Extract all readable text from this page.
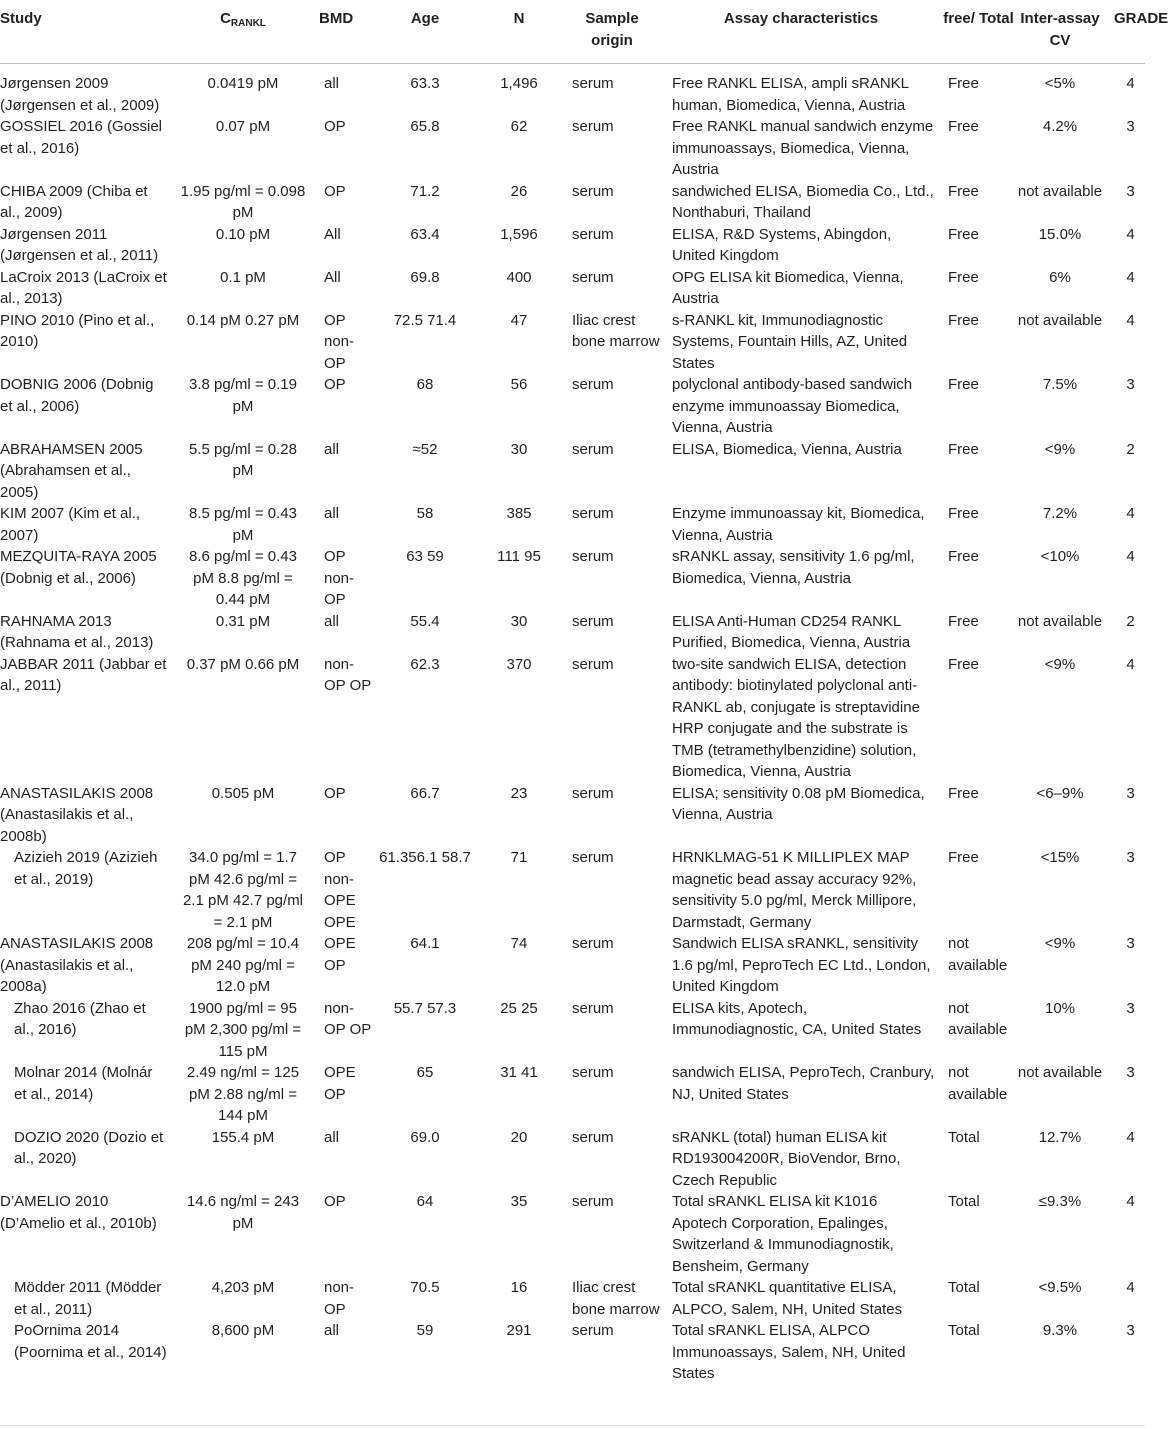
Study	$C_{RANKL}$	BMD	Age	N	Sample origin	Assay characteristics	free/ Total	Inter-assay CV	GRADE
Jørgensen 2009 (Jørgensen et al., 2009)	0.0419 pM	all	63.3	1,496	serum	Free RANKL ELISA, ampli sRANKL human, Biomedica, Vienna, Austria	Free	<5%	4
GOSSIEL 2016 (Gossiel et al., 2016)	0.07 pM	OP	65.8	62	serum	Free RANKL manual sandwich enzyme immunoassays, Biomedica, Vienna, Austria	Free	4.2%	3
CHIBA 2009 (Chiba et al., 2009)	1.95 pg/ml = 0.098 pM	OP	71.2	26	serum	sandwiched ELISA, Biomedia Co., Ltd., Nonthaburi, Thailand	Free	not available	3
Jørgensen 2011 (Jørgensen et al., 2011)	0.10 pM	All	63.4	1,596	serum	ELISA, R&D Systems, Abingdon, United Kingdom	Free	15.0%	4
LaCroix 2013 (LaCroix et al., 2013)	0.1 pM	All	69.8	400	serum	OPG ELISA kit Biomedica, Vienna, Austria	Free	6%	4
PINO 2010 (Pino et al., 2010)	0.14 pM 0.27 pM	OP non-OP	72.5 71.4	47	Iliac crest bone marrow	s-RANKL kit, Immunodiagnostic Systems, Fountain Hills, AZ, United States	Free	not available	4
DOBNIG 2006 (Dobnig et al., 2006)	3.8 pg/ml = 0.19 pM	OP	68	56	serum	polyclonal antibody-based sandwich enzyme immunoassay Biomedica, Vienna, Austria	Free	7.5%	3
ABRAHAMSEN 2005 (Abrahamsen et al., 2005)	5.5 pg/ml = 0.28 pM	all	≈52	30	serum	ELISA, Biomedica, Vienna, Austria	Free	<9%	2
KIM 2007 (Kim et al., 2007)	8.5 pg/ml = 0.43 pM	all	58	385	serum	Enzyme immunoassay kit, Biomedica, Vienna, Austria	Free	7.2%	4
MEZQUITA-RAYA 2005 (Dobnig et al., 2006)	8.6 pg/ml = 0.43 pM 8.8 pg/ml = 0.44 pM	OP non-OP	63 59	111 95	serum	sRANKL assay, sensitivity 1.6 pg/ml, Biomedica, Vienna, Austria	Free	<10%	4
RAHNAMA 2013 (Rahnama et al., 2013)	0.31 pM	all	55.4	30	serum	ELISA Anti-Human CD254 RANKL Purified, Biomedica, Vienna, Austria	Free	not available	2
JABBAR 2011 (Jabbar et al., 2011)	0.37 pM 0.66 pM	non-OP OP	62.3	370	serum	two-site sandwich ELISA, detection antibody: biotinylated polyclonal anti-RANKL ab, conjugate is streptavidine HRP conjugate and the substrate is TMB (tetramethylbenzidine) solution, Biomedica, Vienna, Austria	Free	<9%	4
ANASTASILAKIS 2008 (Anastasilakis et al., 2008b)	0.505 pM	OP	66.7	23	serum	ELISA; sensitivity 0.08 pM Biomedica, Vienna, Austria	Free	<6–9%	3
Azizieh 2019 (Azizieh et al., 2019)	34.0 pg/ml = 1.7 pM 42.6 pg/ml = 2.1 pM 42.7 pg/ml = 2.1 pM	OP non-OPE OPE	61.356.1 58.7	71	serum	HRNKLMAG-51 K MILLIPLEX MAP magnetic bead assay accuracy 92%, sensitivity 5.0 pg/ml, Merck Millipore, Darmstadt, Germany	Free	<15%	3
ANASTASILAKIS 2008 (Anastasilakis et al., 2008a)	208 pg/ml = 10.4 pM 240 pg/ml = 12.0 pM	OPE OP	64.1	74	serum	Sandwich ELISA sRANKL, sensitivity 1.6 pg/ml, PeproTech EC Ltd., London, United Kingdom	not available	<9%	3
Zhao 2016 (Zhao et al., 2016)	1900 pg/ml = 95 pM 2,300 pg/ml = 115 pM	non-OP OP	55.7 57.3	25 25	serum	ELISA kits, Apotech, Immunodiagnostic, CA, United States	not available	10%	3
Molnar 2014 (Molnár et al., 2014)	2.49 ng/ml = 125 pM 2.88 ng/ml = 144 pM	OPE OP	65	31 41	serum	sandwich ELISA, PeproTech, Cranbury, NJ, United States	not available	not available	3
DOZIO 2020 (Dozio et al., 2020)	155.4 pM	all	69.0	20	serum	sRANKL (total) human ELISA kit RD193004200R, BioVendor, Brno, Czech Republic	Total	12.7%	4
D’AMELIO 2010 (D’Amelio et al., 2010b)	14.6 ng/ml = 243 pM	OP	64	35	serum	Total sRANKL ELISA kit K1016 Apotech Corporation, Epalinges, Switzerland & Immunodiagnostik, Bensheim, Germany	Total	≤9.3%	4
Mödder 2011 (Mödder et al., 2011)	4,203 pM	non-OP	70.5	16	Iliac crest bone marrow	Total sRANKL quantitative ELISA, ALPCO, Salem, NH, United States	Total	<9.5%	4
PoOrnima 2014 (Poornima et al., 2014)	8,600 pM	all	59	291	serum	Total sRANKL ELISA, ALPCO Immunoassays, Salem, NH, United States	Total	9.3%	3
